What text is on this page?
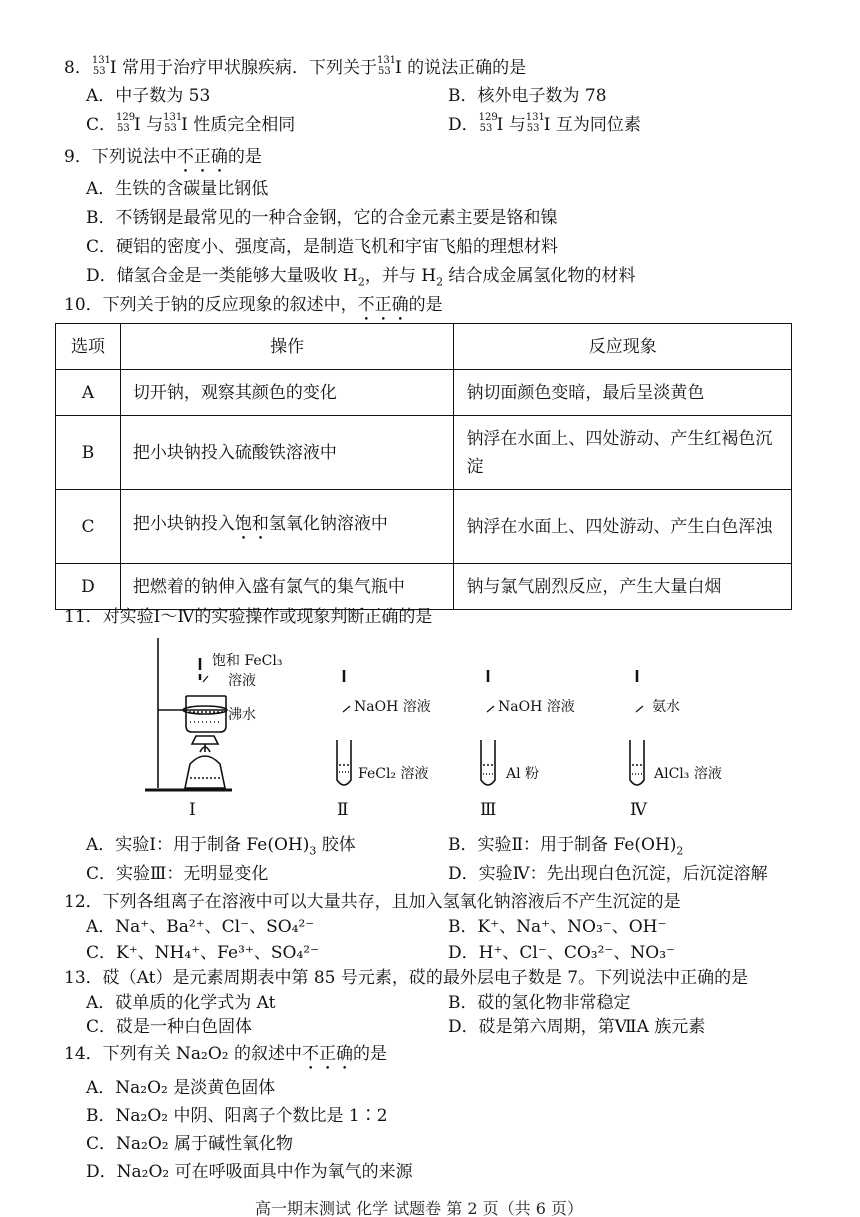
8． 131
53 I 常用于治疗甲状腺疾病．下列关于 131
53 I 的说法正确的是
A．中子数为 53	B．核外电子数为 78
C． 129
53 I 与 131
53 I 性质完全相同	D． 129
53 I 与 131
53 I 互为同位素
9．下列说法中不正确的是
A．生铁的含碳量比钢低
B．不锈钢是最常见的一种合金钢，它的合金元素主要是铬和镍
C．硬铝的密度小、强度高，是制造飞机和宇宙飞船的理想材料
D．储氢合金是一类能够大量吸收 $H_2$，并与 $H_2$ 结合成金属氢化物的材料
10．下列关于钠的反应现象的叙述中，不正确的是
选项	操作	反应现象
A	切开钠，观察其颜色的变化	钠切面颜色变暗，最后呈淡黄色
B	把小块钠投入硫酸铁溶液中	钠浮在水面上、四处游动、产生红褐色沉淀
C	把小块钠投入饱和氢氧化钠溶液中	钠浮在水面上、四处游动、产生白色浑浊
D	把燃着的钠伸入盛有氯气的集气瓶中	钠与氯气剧烈反应，产生大量白烟
11．对实验Ⅰ～Ⅳ的实验操作或现象判断正确的是
饱和 FeCl₃
溶液
沸水	NaOH 溶液
FeCl₂ 溶液
NaOH 溶液
Al 粉
氨水
AlCl₃ 溶液
Ⅰ	Ⅱ	Ⅲ	Ⅳ
A．实验Ⅰ：用于制备 $Fe(OH)_3$ 胶体	B．实验Ⅱ：用于制备 $Fe(OH)_2$
C．实验Ⅲ：无明显变化	D．实验Ⅳ：先出现白色沉淀，后沉淀溶解
12．下列各组离子在溶液中可以大量共存，且加入氢氧化钠溶液后不产生沉淀的是
A．Na⁺、Ba²⁺、Cl⁻、SO₄²⁻	B．K⁺、Na⁺、NO₃⁻、OH⁻
C．K⁺、NH₄⁺、Fe³⁺、SO₄²⁻	D．H⁺、Cl⁻、CO₃²⁻、NO₃⁻
13．砹（At）是元素周期表中第 85 号元素，砹的最外层电子数是 7。下列说法中正确的是
A．砹单质的化学式为 At	B．砹的氢化物非常稳定
C．砹是一种白色固体	D．砹是第六周期，第ⅦA 族元素
14．下列有关 Na₂O₂ 的叙述中不正确的是
A．Na₂O₂ 是淡黄色固体
B．Na₂O₂ 中阴、阳离子个数比是 1∶2
C．Na₂O₂ 属于碱性氧化物
D．Na₂O₂ 可在呼吸面具中作为氧气的来源
高一期末测试 化学 试题卷 第 2 页（共 6 页）
